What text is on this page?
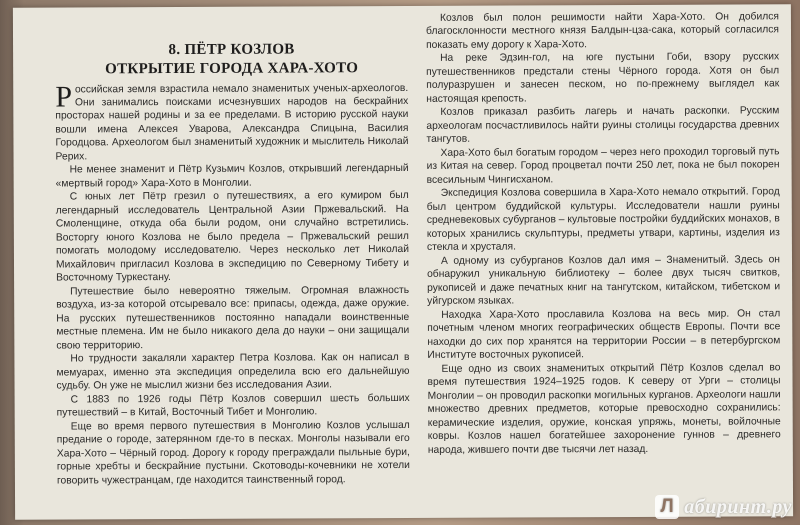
8. ПЁТР КОЗЛОВ
ОТКРЫТИЕ ГОРОДА ХАРА-ХОТО

Российская земля взрастила немало знаменитых ученых-археологов. Они занимались поисками исчезнувших народов на бескрайних просторах нашей родины и за ее пределами. В историю русской науки вошли имена Алексея Уварова, Александра Спицына, Василия Городцова. Археологом был знаменитый художник и мыслитель Николай Рерих.

Не менее знаменит и Пётр Кузьмич Козлов, открывший легендарный «мертвый город» Хара-Хото в Монголии.

С юных лет Пётр грезил о путешествиях, а его кумиром был легендарный исследователь Центральной Азии Пржевальский. На Смоленщине, откуда оба были родом, они случайно встретились. Восторгу юного Козлова не было предела – Пржевальский решил помогать молодому исследователю. Через несколько лет Николай Михайлович пригласил Козлова в экспедицию по Северному Тибету и Восточному Туркестану.

Путешествие было невероятно тяжелым. Огромная влажность воздуха, из-за которой отсыревало все: припасы, одежда, даже оружие. На русских путешественников постоянно нападали воинственные местные племена. Им не было никакого дела до науки – они защищали свою территорию.

Но трудности закаляли характер Петра Козлова. Как он написал в мемуарах, именно эта экспедиция определила всю его дальнейшую судьбу. Он уже не мыслил жизни без исследования Азии.

С 1883 по 1926 годы Пётр Козлов совершил шесть больших путешествий – в Китай, Восточный Тибет и Монголию.

Еще во время первого путешествия в Монголию Козлов услышал предание о городе, затерянном где-то в песках. Монголы называли его Хара-Хото – Чёрный город. Дорогу к городу преграждали пыльные бури, горные хребты и бескрайние пустыни. Скотоводы-кочевники не хотели говорить чужестранцам, где находится таинственный город.

Козлов был полон решимости найти Хара-Хото. Он добился благосклонности местного князя Балдын-цза-сака, который согласился показать ему дорогу к Хара-Хото.

На реке Эдзин-гол, на юге пустыни Гоби, взору русских путешественников предстали стены Чёрного города. Хотя он был полуразрушен и занесен песком, но по-прежнему выглядел как настоящая крепость.

Козлов приказал разбить лагерь и начать раскопки. Русским археологам посчастливилось найти руины столицы государства древних тангутов.

Хара-Хото был богатым городом – через него проходил торговый путь из Китая на север. Город процветал почти 250 лет, пока не был покорен всесильным Чингисханом.

Экспедиция Козлова совершила в Хара-Хото немало открытий. Город был центром буддийской культуры. Исследователи нашли руины средневековых субурганов – культовые постройки буддийских монахов, в которых хранились скульптуры, предметы утвари, картины, изделия из стекла и хрусталя.

А одному из субурганов Козлов дал имя – Знаменитый. Здесь он обнаружил уникальную библиотеку – более двух тысяч свитков, рукописей и даже печатных книг на тангутском, китайском, тибетском и уйгурском языках.

Находка Хара-Хото прославила Козлова на весь мир. Он стал почетным членом многих географических обществ Европы. Почти все находки до сих пор хранятся на территории России – в петербургском Институте восточных рукописей.

Еще одно из своих знаменитых открытий Пётр Козлов сделал во время путешествия 1924–1925 годов. К северу от Урги – столицы Монголии – он проводил раскопки могильных курганов. Археологи нашли множество древних предметов, которые превосходно сохранились: керамические изделия, оружие, конская упряжь, монеты, войлочные ковры. Козлов нашел богатейшее захоронение гуннов – древнего народа, жившего почти две тысячи лет назад.

Л абиринт.ру
